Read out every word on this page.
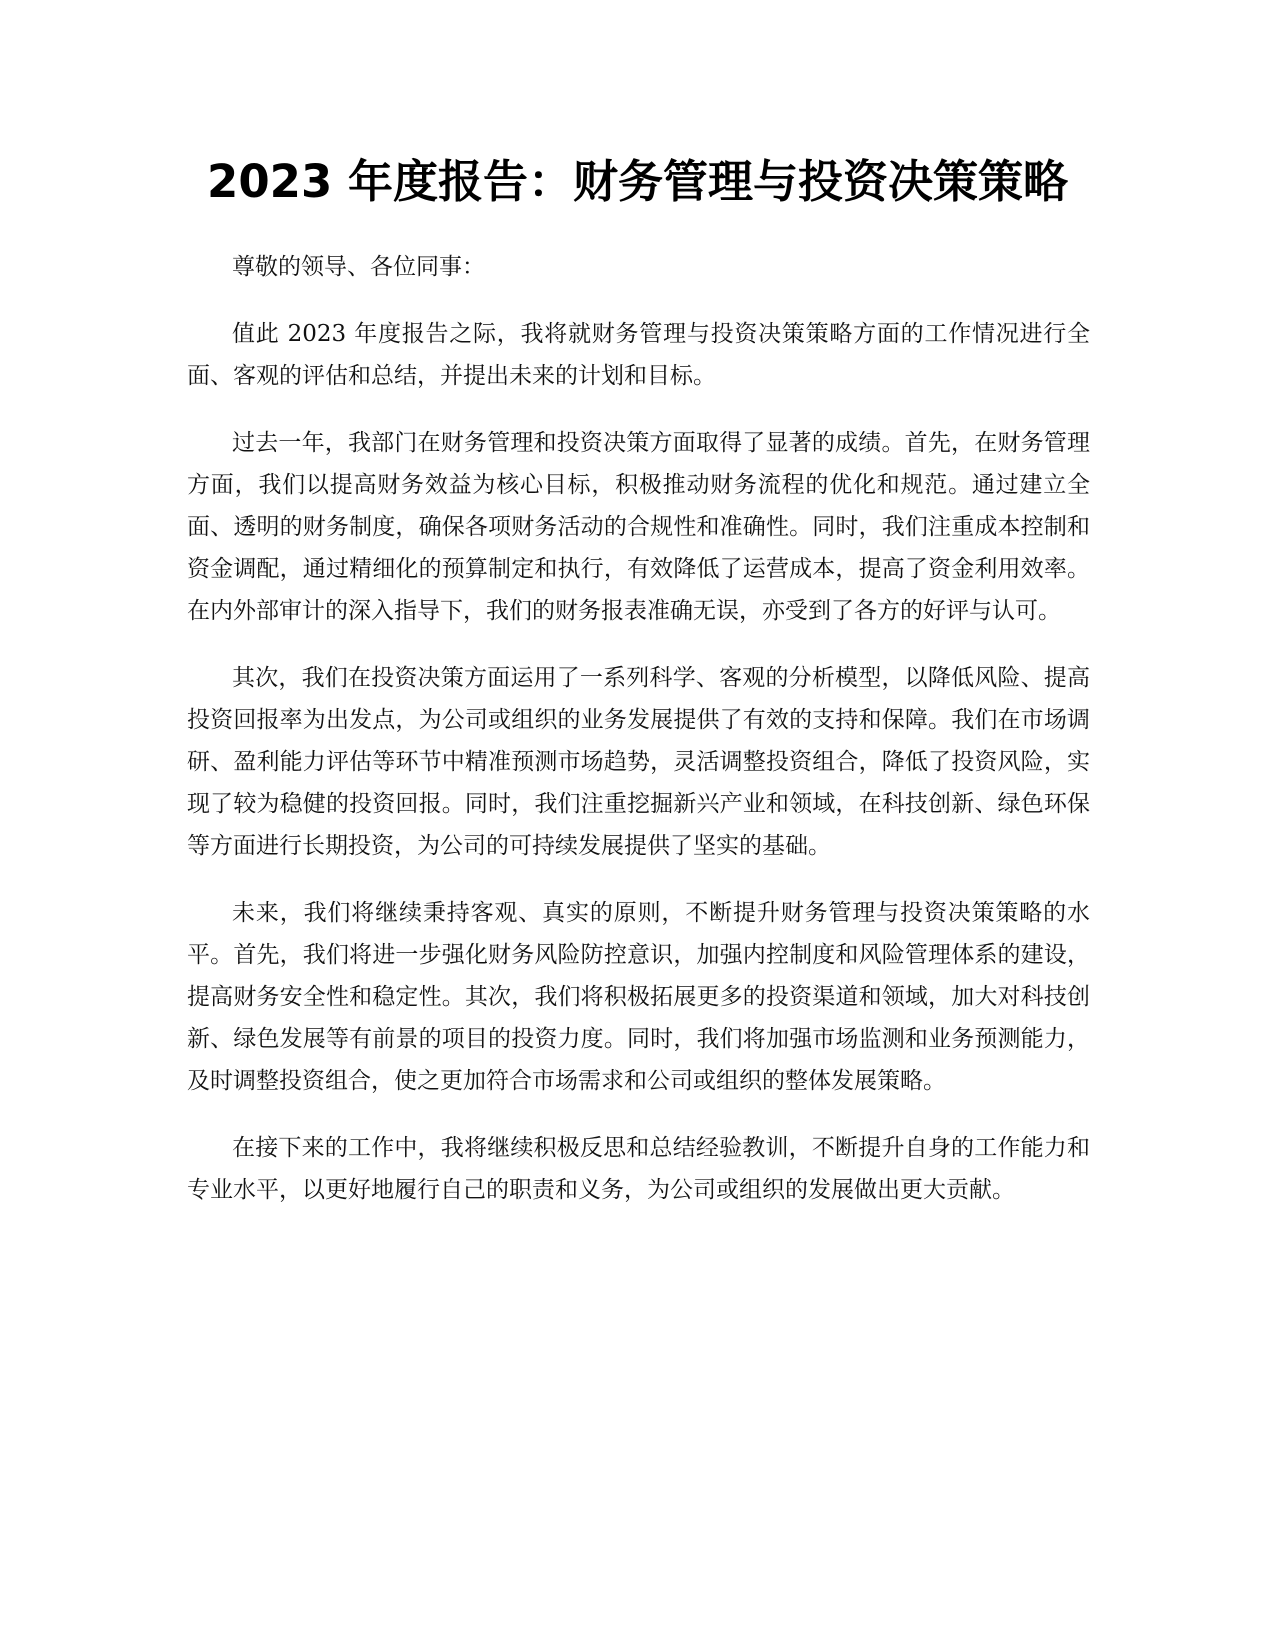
2023 年度报告：财务管理与投资决策策略

尊敬的领导、各位同事：

值此 2023 年度报告之际，我将就财务管理与投资决策策略方面的工作情况进行全面、客观的评估和总结，并提出未来的计划和目标。

过去一年，我部门在财务管理和投资决策方面取得了显著的成绩。首先，在财务管理方面，我们以提高财务效益为核心目标，积极推动财务流程的优化和规范。通过建立全面、透明的财务制度，确保各项财务活动的合规性和准确性。同时，我们注重成本控制和资金调配，通过精细化的预算制定和执行，有效降低了运营成本，提高了资金利用效率。在内外部审计的深入指导下，我们的财务报表准确无误，亦受到了各方的好评与认可。

其次，我们在投资决策方面运用了一系列科学、客观的分析模型，以降低风险、提高投资回报率为出发点，为公司或组织的业务发展提供了有效的支持和保障。我们在市场调研、盈利能力评估等环节中精准预测市场趋势，灵活调整投资组合，降低了投资风险，实现了较为稳健的投资回报。同时，我们注重挖掘新兴产业和领域，在科技创新、绿色环保等方面进行长期投资，为公司的可持续发展提供了坚实的基础。

未来，我们将继续秉持客观、真实的原则，不断提升财务管理与投资决策策略的水平。首先，我们将进一步强化财务风险防控意识，加强内控制度和风险管理体系的建设，提高财务安全性和稳定性。其次，我们将积极拓展更多的投资渠道和领域，加大对科技创新、绿色发展等有前景的项目的投资力度。同时，我们将加强市场监测和业务预测能力，及时调整投资组合，使之更加符合市场需求和公司或组织的整体发展策略。

在接下来的工作中，我将继续积极反思和总结经验教训，不断提升自身的工作能力和专业水平，以更好地履行自己的职责和义务，为公司或组织的发展做出更大贡献。
